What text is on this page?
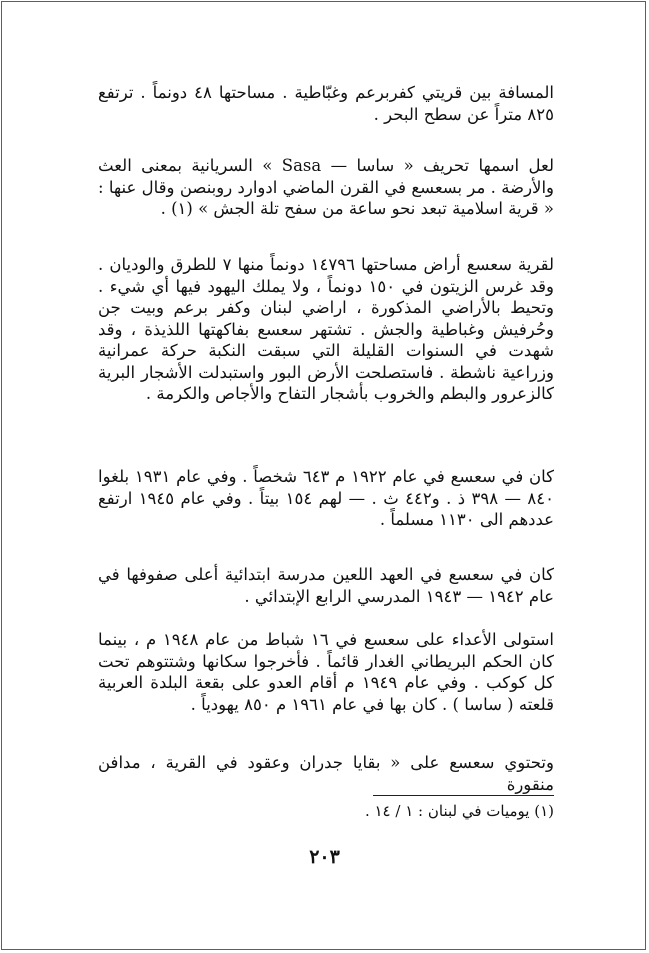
المسافة بين قريتي كفربرعم وغبّاطية . مساحتها ٤٨ دونماً . ترتفع ٨٢٥ متراً عن سطح البحر .

لعل اسمها تحريف « ساسا — Sasa » السريانية بمعنى العث والأرضة . مر بسعسع في القرن الماضي ادوارد روبنصن وقال عنها : « قرية اسلامية تبعد نحو ساعة من سفح تلة الجش » (١) .

لقرية سعسع أراض مساحتها ١٤٧٩٦ دونماً منها ٧ للطرق والوديان . وقد غرس الزيتون في ١٥٠ دونماً ، ولا يملك اليهود فيها أي شيء . وتحيط بالأراضي المذكورة ، اراضي لبنان وكفر برعم وبيت جن وحُرفيش وغباطية والجش . تشتهر سعسع بفاكهتها اللذيذة ، وقد شهدت في السنوات القليلة التي سبقت النكبة حركة عمرانية وزراعية ناشطة . فاستصلحت الأرض البور واستبدلت الأشجار البرية كالزعرور والبطم والخروب بأشجار التفاح والأجاص والكرمة .

كان في سعسع في عام ١٩٢٢ م ٦٤٣ شخصاً . وفي عام ١٩٣١ بلغوا ٨٤٠ — ٣٩٨ ذ . و٤٤٢ ث . — لهم ١٥٤ بيتاً . وفي عام ١٩٤٥ ارتفع عددهم الى ١١٣٠ مسلماً .

كان في سعسع في العهد اللعين مدرسة ابتدائية أعلى صفوفها في عام ١٩٤٢ — ١٩٤٣ المدرسي الرابع الإبتدائي .

استولى الأعداء على سعسع في ١٦ شباط من عام ١٩٤٨ م ، بينما كان الحكم البريطاني الغدار قائماً . فأخرجوا سكانها وشتتوهم تحت كل كوكب . وفي عام ١٩٤٩ م أقام العدو على بقعة البلدة العربية قلعته ( ساسا ) . كان بها في عام ١٩٦١ م ٨٥٠ يهودياً .

وتحتوي سعسع على « بقايا جدران وعقود في القرية ، مدافن منقورة

(١) يوميات في لبنان : ١ / ١٤ .

٢٠٣
